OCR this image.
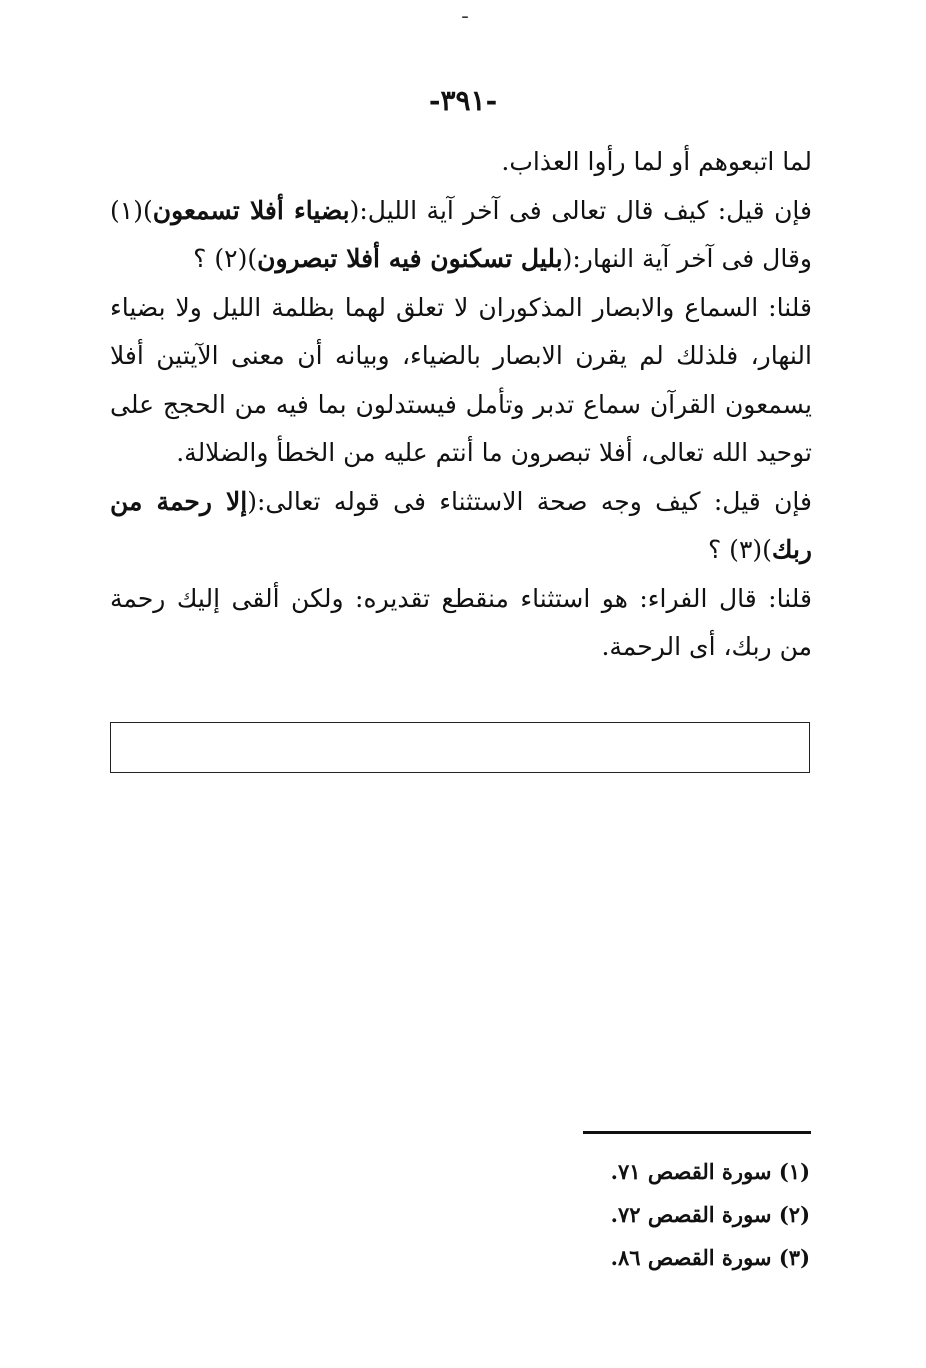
ـ
-٣٩١-

لما اتبعوهم أو لما رأوا العذاب.

فإن قيل: كيف قال تعالى فى آخر آية الليل:(بضياء أفلا تسمعون)(١) وقال فى آخر آية النهار:(بليل تسكنون فيه أفلا تبصرون)(٢) ؟

قلنا: السماع والابصار المذكوران لا تعلق لهما بظلمة الليل ولا بضياء النهار، فلذلك لم يقرن الابصار بالضياء، وبيانه أن معنى الآيتين أفلا يسمعون القرآن سماع تدبر وتأمل فيستدلون بما فيه من الحجج على توحيد الله تعالى، أفلا تبصرون ما أنتم عليه من الخطأ والضلالة.

فإن قيل: كيف وجه صحة الاستثناء فى قوله تعالى:(إلا رحمة من ربك)(٣) ؟

قلنا: قال الفراء: هو استثناء منقطع تقديره: ولكن ألقى إليك رحمة من ربك، أى الرحمة.

(١) سورة القصص ٧١.

(٢) سورة القصص ٧٢.

(٣) سورة القصص ٨٦.
